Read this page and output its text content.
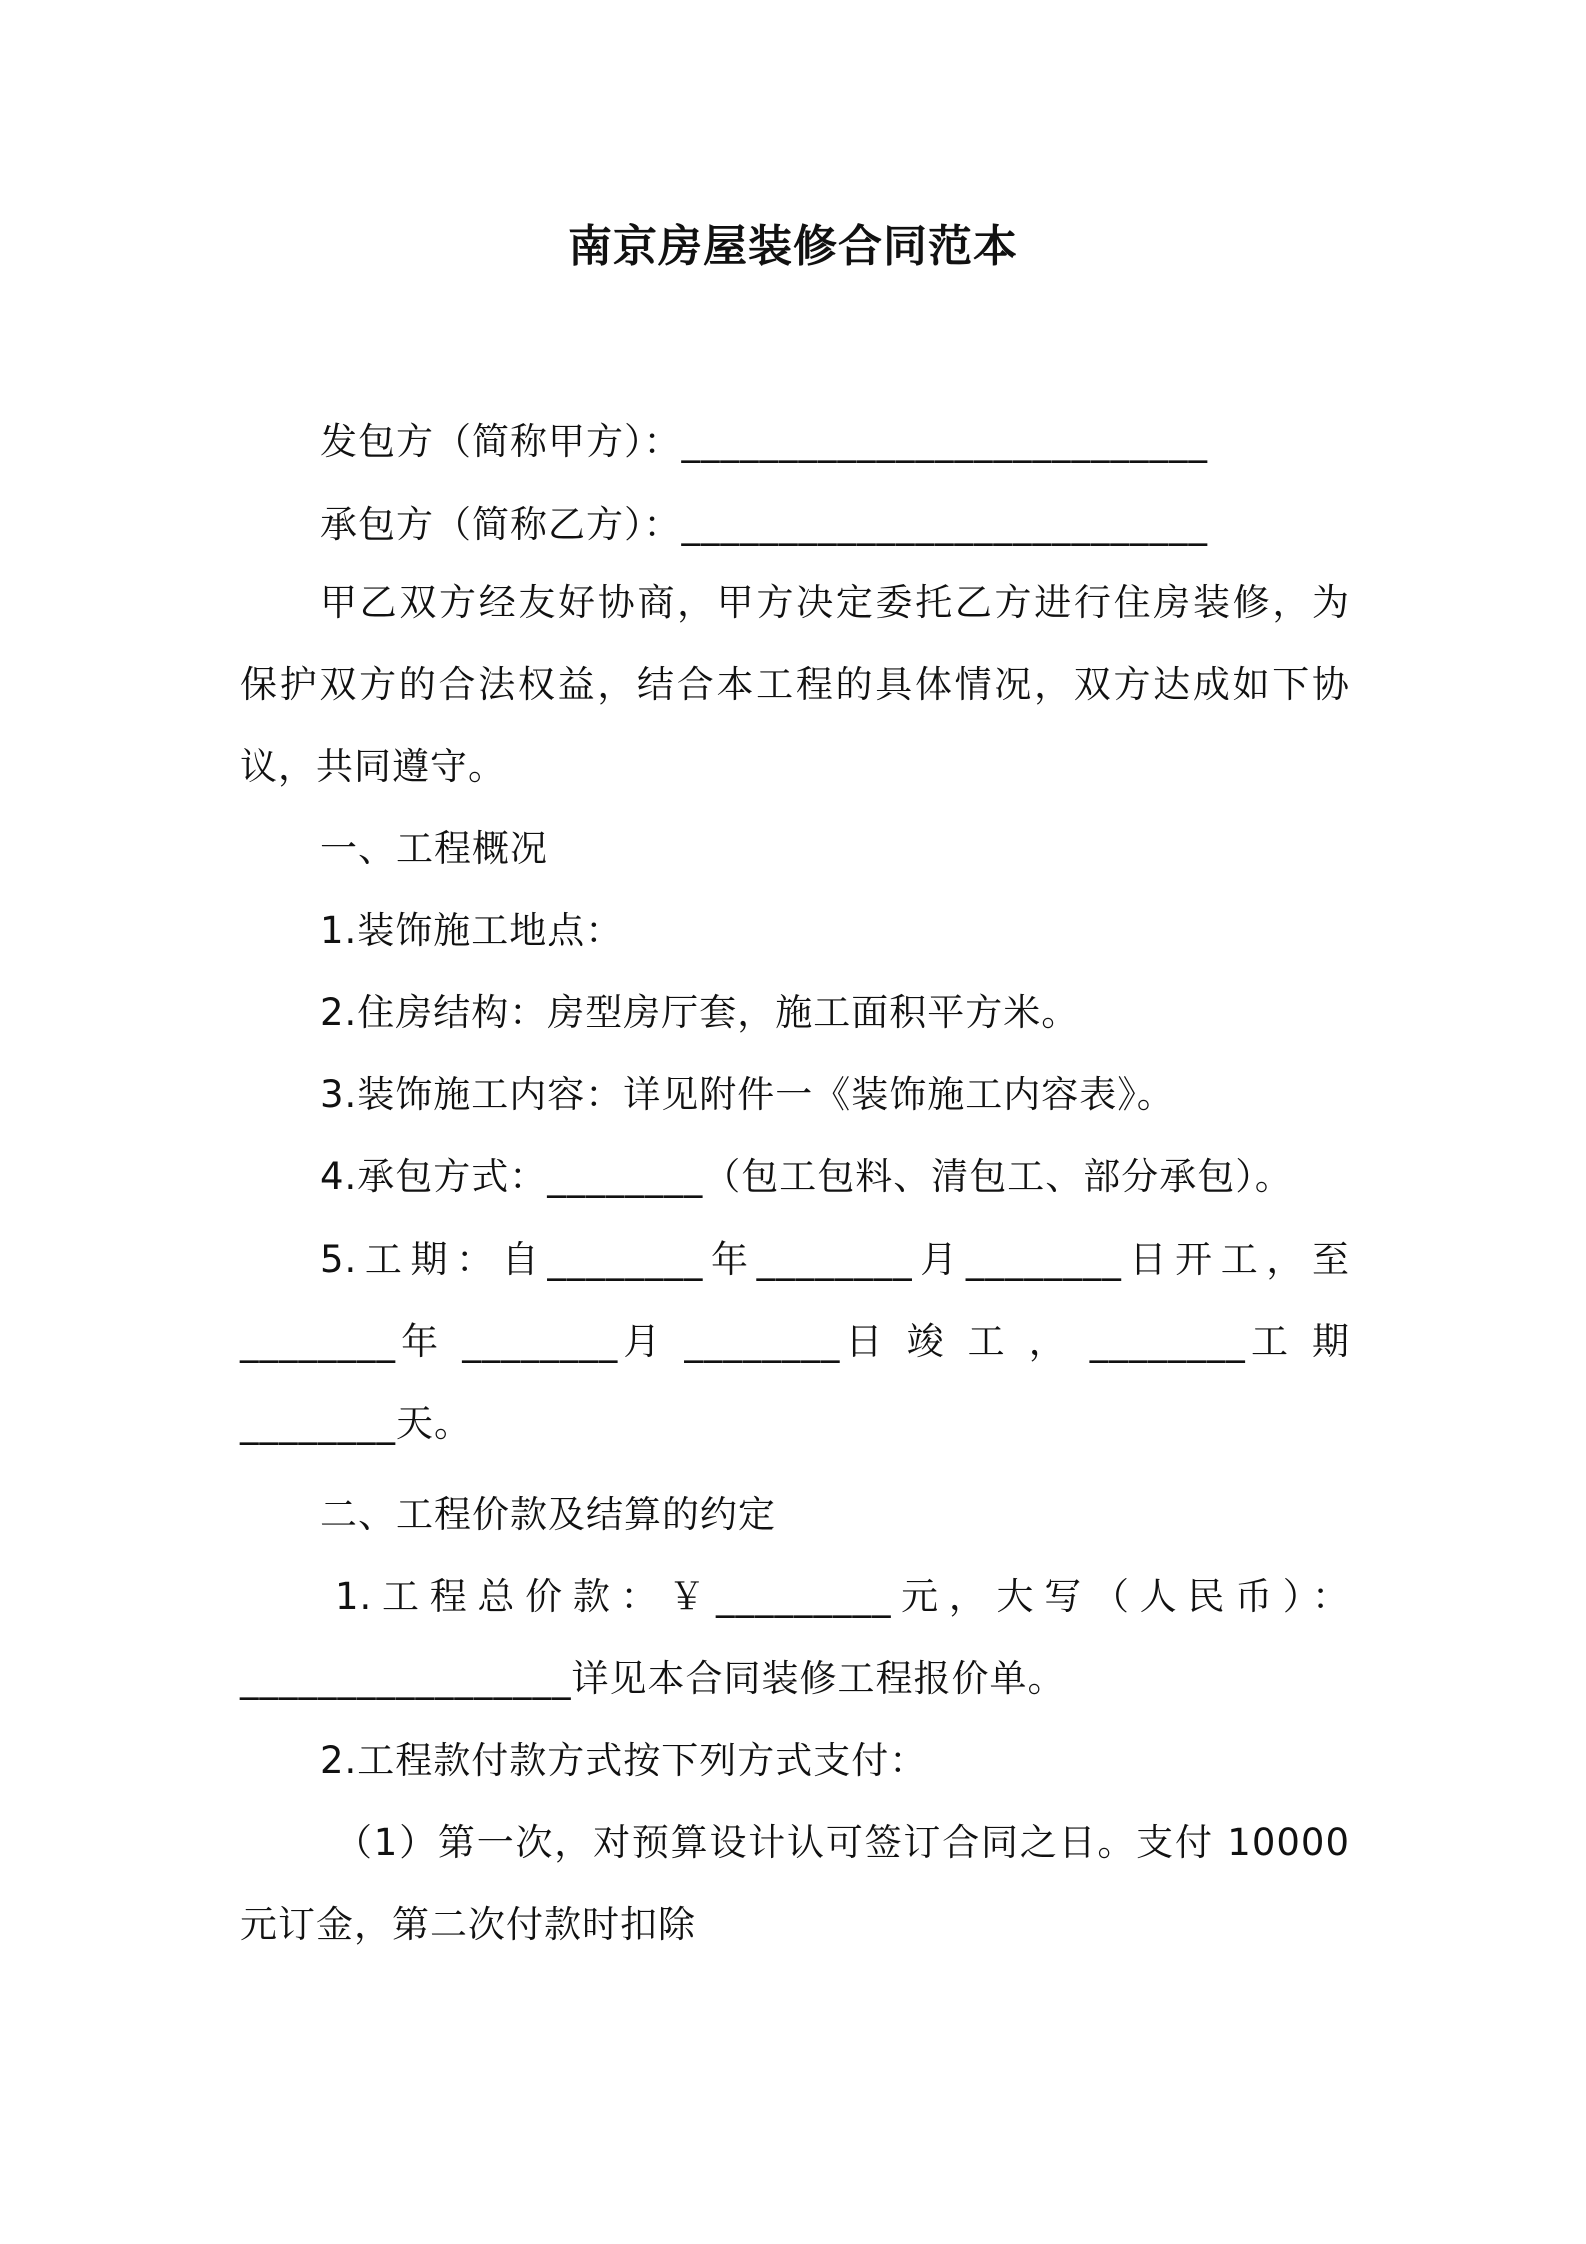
南京房屋装修合同范本
发包方（简称甲方）：___________________________
承包方（简称乙方）：___________________________
甲乙双方经友好协商，甲方决定委托乙方进行住房装修，为
保护双方的合法权益，结合本工程的具体情况，双方达成如下协
议，共同遵守。
一、工程概况
1.装饰施工地点：
2.住房结构：房型房厅套，施工面积平方米。
3.装饰施工内容：详见附件一《装饰施工内容表》。
4.承包方式：________（包工包料、清包工、部分承包）。
5.工期：自________年________月________日开工，至
________年 ________月 ________日 竣 工 ， ________工 期
________天。
二、工程价款及结算的约定
1.工程总价款：￥_________元，大写（人民币）：
_________________详见本合同装修工程报价单。
2.工程款付款方式按下列方式支付：
（1）第一次，对预算设计认可签订合同之日。支付 10000
元订金，第二次付款时扣除
